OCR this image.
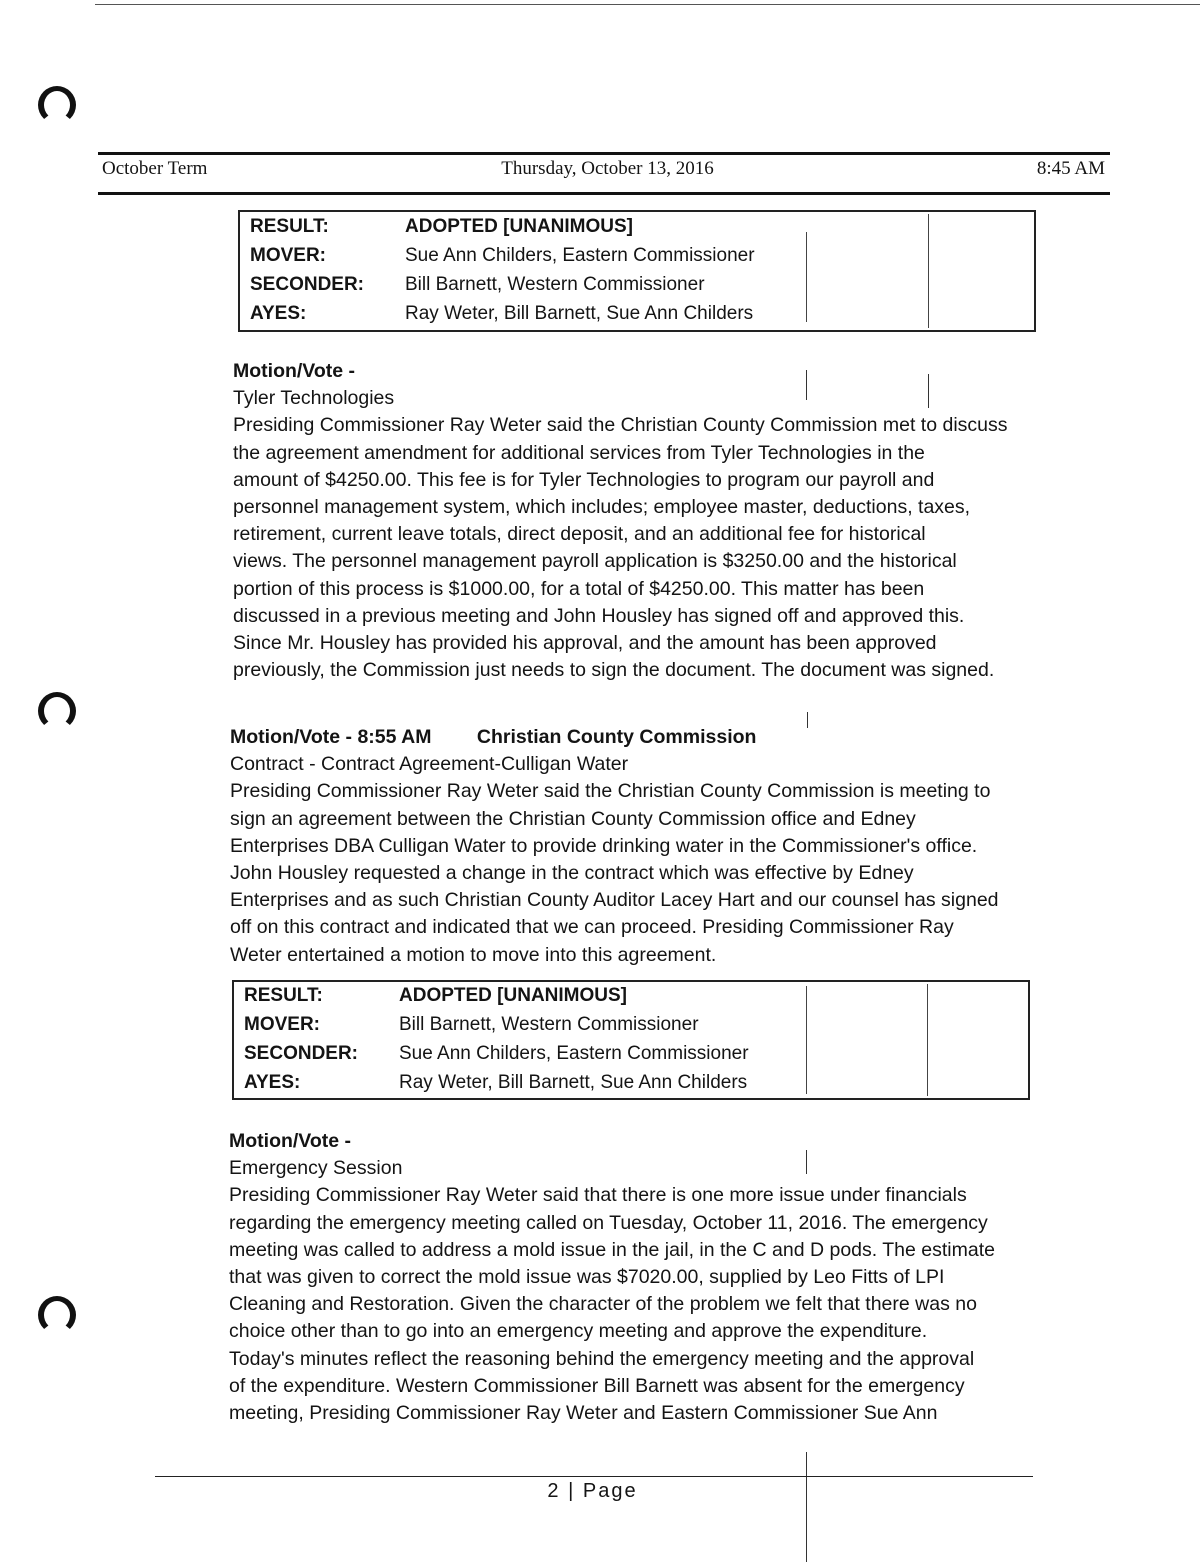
October Term	Thursday, October 13, 2016	8:45 AM
RESULT:	ADOPTED [UNANIMOUS]
MOVER:	Sue Ann Childers, Eastern Commissioner
SECONDER: Bill Barnett, Western Commissioner
AYES:	Ray Weter, Bill Barnett, Sue Ann Childers
Motion/Vote -
Tyler Technologies
Presiding Commissioner Ray Weter said the Christian County Commission met to discuss
the agreement amendment for additional services from Tyler Technologies in the
amount of $4250.00. This fee is for Tyler Technologies to program our payroll and
personnel management system, which includes; employee master, deductions, taxes,
retirement, current leave totals, direct deposit, and an additional fee for historical
views. The personnel management payroll application is $3250.00 and the historical
portion of this process is $1000.00, for a total of $4250.00. This matter has been
discussed in a previous meeting and John Housley has signed off and approved this.
Since Mr. Housley has provided his approval, and the amount has been approved
previously, the Commission just needs to sign the document. The document was signed.
Motion/Vote - 8:55 AM Christian County Commission
Contract - Contract Agreement-Culligan Water
Presiding Commissioner Ray Weter said the Christian County Commission is meeting to
sign an agreement between the Christian County Commission office and Edney
Enterprises DBA Culligan Water to provide drinking water in the Commissioner's office.
John Housley requested a change in the contract which was effective by Edney
Enterprises and as such Christian County Auditor Lacey Hart and our counsel has signed
off on this contract and indicated that we can proceed. Presiding Commissioner Ray
Weter entertained a motion to move into this agreement.
RESULT:	ADOPTED [UNANIMOUS]
MOVER:	Bill Barnett, Western Commissioner
SECONDER: Sue Ann Childers, Eastern Commissioner
AYES:	Ray Weter, Bill Barnett, Sue Ann Childers
Motion/Vote -
Emergency Session
Presiding Commissioner Ray Weter said that there is one more issue under financials
regarding the emergency meeting called on Tuesday, October 11, 2016. The emergency
meeting was called to address a mold issue in the jail, in the C and D pods. The estimate
that was given to correct the mold issue was $7020.00, supplied by Leo Fitts of LPI
Cleaning and Restoration. Given the character of the problem we felt that there was no
choice other than to go into an emergency meeting and approve the expenditure.
Today's minutes reflect the reasoning behind the emergency meeting and the approval
of the expenditure. Western Commissioner Bill Barnett was absent for the emergency
meeting, Presiding Commissioner Ray Weter and Eastern Commissioner Sue Ann
2 | Page
